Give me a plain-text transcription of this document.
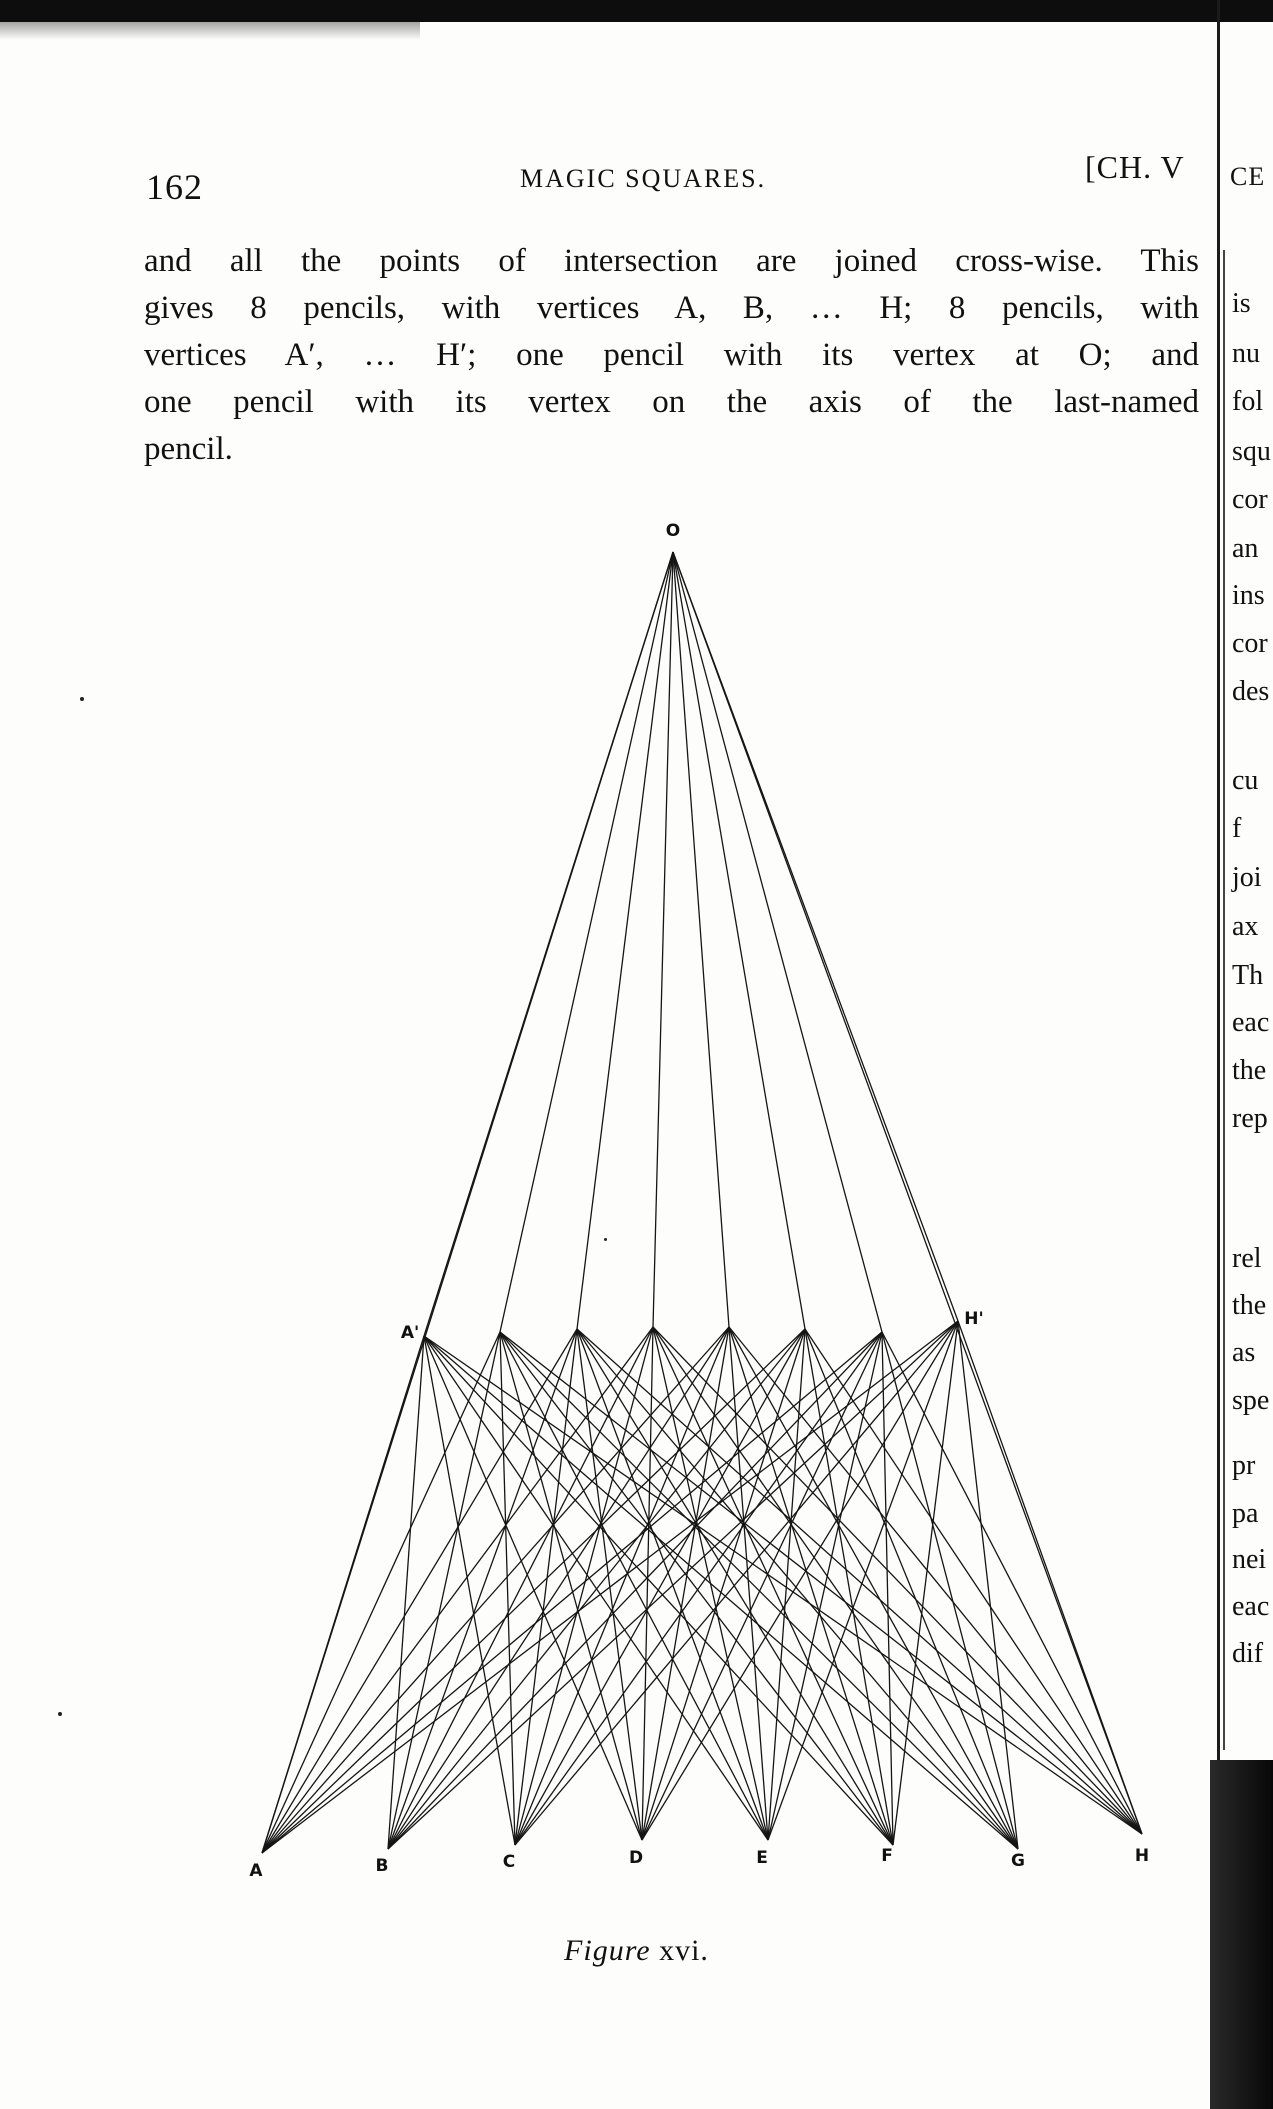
162	MAGIC SQUARES.	[CH. V

and all the points of intersection are joined cross-wise. This
gives 8 pencils, with vertices A, B, … H; 8 pencils, with
vertices A′, … H′; one pencil with its vertex at O; and
one pencil with its vertex on the axis of the last-named
pencil.

O
A'
H'
A	B	C	D	E	F	G	H
Figure xvi.
CE
is
nu
fol
squ
cor
an
ins
cor
des
cu
f
joi
ax
Th
eac
the
rep
rel
the
as
spe
pr
pa
nei
eac
dif
